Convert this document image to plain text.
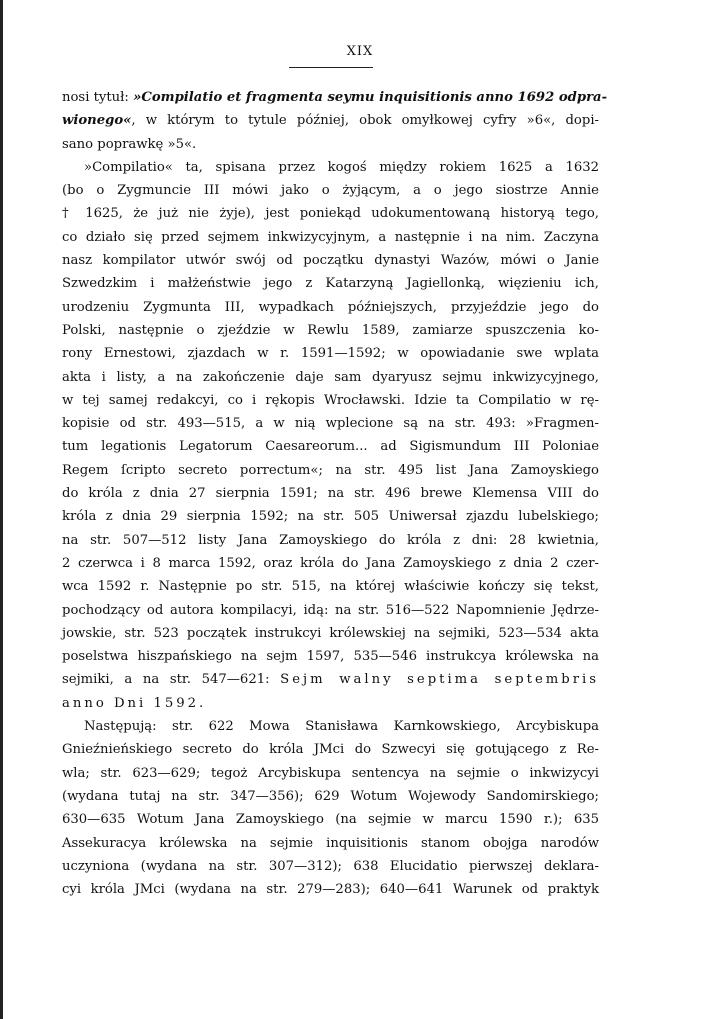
XIX
nosi tytuł: »Compilatio et fragmenta seymu inquisitionis anno 1692 odpra-
wionego«, w którym to tytule później, obok omyłkowej cyfry »6«, dopi-
sano poprawkę »5«.
»Compilatio« ta, spisana przez kogoś między rokiem 1625 a 1632
(bo o Zygmuncie III mówi jako o żyjącym, a o jego siostrze Annie
† 1625, że już nie żyje), jest poniekąd udokumentowaną historyą tego,
co działo się przed sejmem inkwizycyjnym, a następnie i na nim. Zaczyna
nasz kompilator utwór swój od początku dynastyi Wazów, mówi o Janie
Szwedzkim i małżeństwie jego z Katarzyną Jagiellonką, więzieniu ich,
urodzeniu Zygmunta III, wypadkach późniejszych, przyjeździe jego do
Polski, następnie o zjeździe w Rewlu 1589, zamiarze spuszczenia ko-
rony Ernestowi, zjazdach w r. 1591—1592; w opowiadanie swe wplata
akta i listy, a na zakończenie daje sam dyaryusz sejmu inkwizycyjnego,
w tej samej redakcyi, co i rękopis Wrocławski. Idzie ta Compilatio w rę-
kopisie od str. 493—515, a w nią wplecione są na str. 493: »Fragmen-
tum legationis Legatorum Caesareorum... ad Sigismundum III Poloniae
Regem ſcripto secreto porrectum«; na str. 495 list Jana Zamoyskiego
do króla z dnia 27 sierpnia 1591; na str. 496 brewe Klemensa VIII do
króla z dnia 29 sierpnia 1592; na str. 505 Uniwersał zjazdu lubelskiego;
na str. 507—512 listy Jana Zamoyskiego do króla z dni: 28 kwietnia,
2 czerwca i 8 marca 1592, oraz króla do Jana Zamoyskiego z dnia 2 czer-
wca 1592 r. Następnie po str. 515, na której właściwie kończy się tekst,
pochodzący od autora kompilacyi, idą: na str. 516—522 Napomnienie Jędrze-
jowskie, str. 523 początek instrukcyi królewskiej na sejmiki, 523—534 akta
poselstwa hiszpańskiego na sejm 1597, 535—546 instrukcya królewska na
sejmiki, a na str. 547—621: Sejm walny septima septembris
anno Dni 1592.
Następują: str. 622 Mowa Stanisława Karnkowskiego, Arcybiskupa
Gnieźnieńskiego secreto do króla JMci do Szwecyi się gotującego z Re-
wla; str. 623—629; tegoż Arcybiskupa sentencya na sejmie o inkwizycyi
(wydana tutaj na str. 347—356); 629 Wotum Wojewody Sandomirskiego;
630—635 Wotum Jana Zamoyskiego (na sejmie w marcu 1590 r.); 635
Assekuracya królewska na sejmie inquisitionis stanom obojga narodów
uczyniona (wydana na str. 307—312); 638 Elucidatio pierwszej deklara-
cyi króla JMci (wydana na str. 279—283); 640—641 Warunek od praktyk
